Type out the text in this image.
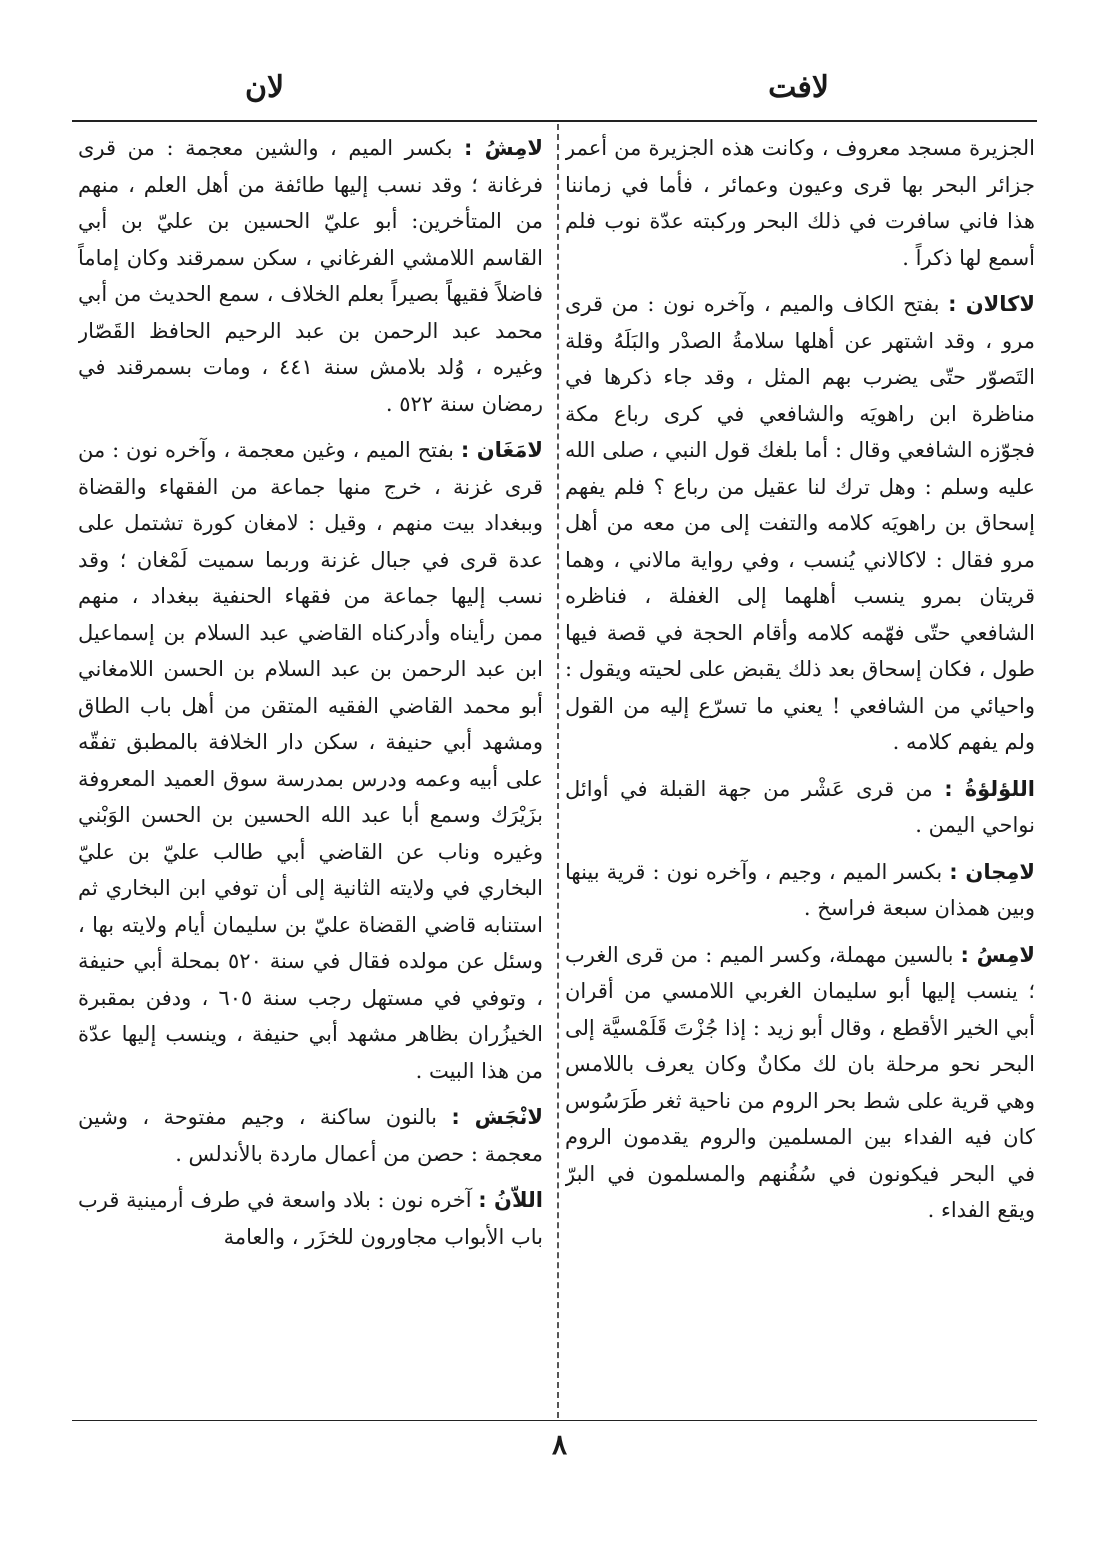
لافت
لان

الجزيرة مسجد معروف ، وكانت هذه الجزيرة من أعمر جزائر البحر بها قرى وعيون وعمائر ، فأما في زماننا هذا فاني سافرت في ذلك البحر وركبته عدّة نوب فلم أسمع لها ذكراً .

لاكالان : بفتح الكاف والميم ، وآخره نون : من قرى مرو ، وقد اشتهر عن أهلها سلامةُ الصدْر والبَلَهُ وقلة التَصوّر حتّى يضرب بهم المثل ، وقد جاء ذكرها في مناظرة ابن راهويَه والشافعي في كرى رباع مكة فجوّزه الشافعي وقال : أما بلغك قول النبي ، صلى الله عليه وسلم : وهل ترك لنا عقيل من رباع ؟ فلم يفهم إسحاق بن راهويَه كلامه والتفت إلى من معه من أهل مرو فقال : لاكالاني يُنسب ، وفي رواية مالاني ، وهما قريتان بمرو ينسب أهلهما إلى الغفلة ، فناظره الشافعي حتّى فهّمه كلامه وأقام الحجة في قصة فيها طول ، فكان إسحاق بعد ذلك يقبض على لحيته ويقول : واحيائي من الشافعي ! يعني ما تسرّع إليه من القول ولم يفهم كلامه .

اللؤلؤةُ : من قرى عَشْر من جهة القبلة في أوائل نواحي اليمن .

لامِجان : بكسر الميم ، وجيم ، وآخره نون : قرية بينها وبين همذان سبعة فراسخ .

لامِسُ : بالسين مهملة، وكسر الميم : من قرى الغرب ؛ ينسب إليها أبو سليمان الغربي اللامسي من أقران أبي الخير الأقطع ، وقال أبو زيد : إذا جُزْتَ قَلَمْسيَّة إلى البحر نحو مرحلة بان لك مكانٌ وكان يعرف باللامس وهي قرية على شط بحر الروم من ناحية ثغر طَرَسُوس كان فيه الفداء بين المسلمين والروم يقدمون الروم في البحر فيكونون في سُفُنهم والمسلمون في البرّ ويقع الفداء .

لامِشُ : بكسر الميم ، والشين معجمة : من قرى فرغانة ؛ وقد نسب إليها طائفة من أهل العلم ، منهم من المتأخرين: أبو عليّ الحسين بن عليّ بن أبي القاسم اللامشي الفرغاني ، سكن سمرقند وكان إماماً فاضلاً فقيهاً بصيراً بعلم الخلاف ، سمع الحديث من أبي محمد عبد الرحمن بن عبد الرحيم الحافظ القَصّار وغيره ، وُلد بلامش سنة ٤٤١ ، ومات بسمرقند في رمضان سنة ٥٢٢ .

لامَغَان : بفتح الميم ، وغين معجمة ، وآخره نون : من قرى غزنة ، خرج منها جماعة من الفقهاء والقضاة وببغداد بيت منهم ، وقيل : لامغان كورة تشتمل على عدة قرى في جبال غزنة وربما سميت لَمْغان ؛ وقد نسب إليها جماعة من فقهاء الحنفية ببغداد ، منهم ممن رأيناه وأدركناه القاضي عبد السلام بن إسماعيل ابن عبد الرحمن بن عبد السلام بن الحسن اللامغاني أبو محمد القاضي الفقيه المتقن من أهل باب الطاق ومشهد أبي حنيفة ، سكن دار الخلافة بالمطبق تفقّه على أبيه وعمه ودرس بمدرسة سوق العميد المعروفة بزَيْرَك وسمع أبا عبد الله الحسين بن الحسن الوَبْني وغيره وناب عن القاضي أبي طالب عليّ بن عليّ البخاري في ولايته الثانية إلى أن توفي ابن البخاري ثم استنابه قاضي القضاة عليّ بن سليمان أيام ولايته بها ، وسئل عن مولده فقال في سنة ٥٢٠ بمحلة أبي حنيفة ، وتوفي في مستهل رجب سنة ٦٠٥ ، ودفن بمقبرة الخيزُران بظاهر مشهد أبي حنيفة ، وينسب إليها عدّة من هذا البيت .

لانْجَش : بالنون ساكنة ، وجيم مفتوحة ، وشين معجمة : حصن من أعمال ماردة بالأندلس .

اللاّنُ : آخره نون : بلاد واسعة في طرف أرمينية قرب باب الأبواب مجاورون للخزَر ، والعامة

٨
